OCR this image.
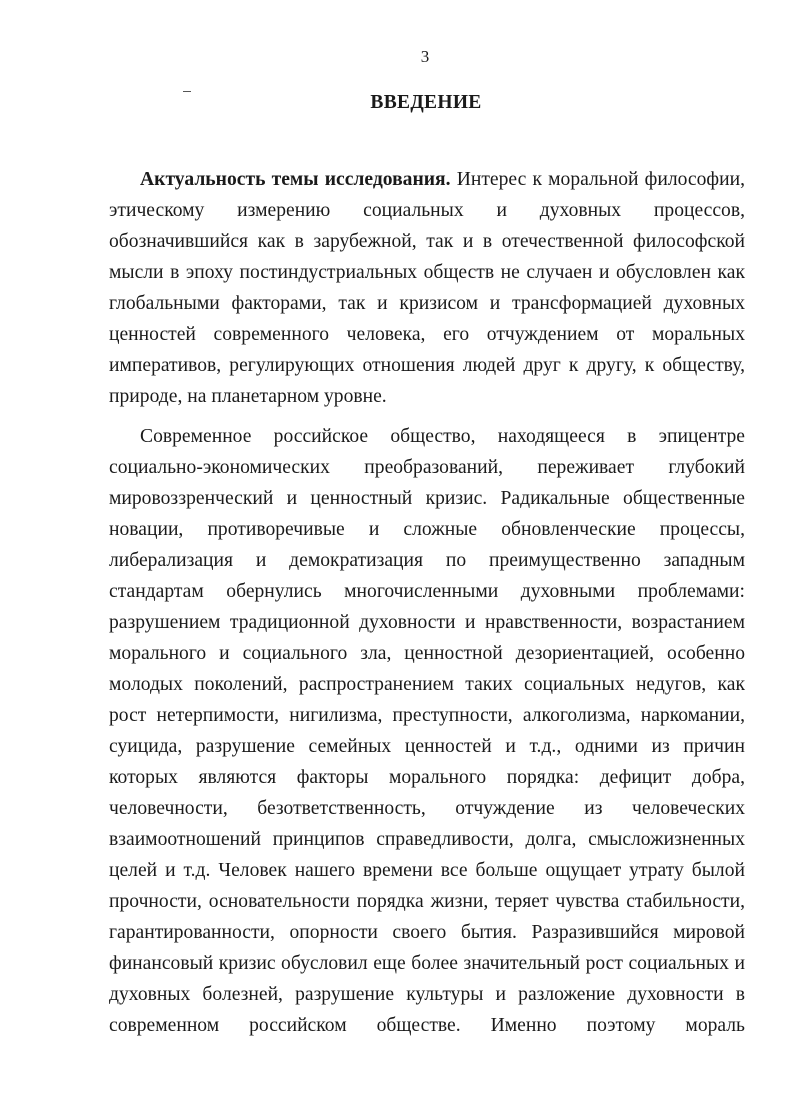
3
ВВЕДЕНИЕ

Актуальность темы исследования. Интерес к моральной философии, этическому измерению социальных и духовных процессов, обозначившийся как в зарубежной, так и в отечественной философской мысли в эпоху постиндустриальных обществ не случаен и обусловлен как глобальными факторами, так и кризисом и трансформацией духовных ценностей современного человека, его отчуждением от моральных императивов, регулирующих отношения людей друг к другу, к обществу, природе, на планетарном уровне.

Современное российское общество, находящееся в эпицентре социально-экономических преобразований, переживает глубокий мировоззренческий и ценностный кризис. Радикальные общественные новации, противоречивые и сложные обновленческие процессы, либерализация и демократизация по преимущественно западным стандартам обернулись многочисленными духовными проблемами: разрушением традиционной духовности и нравственности, возрастанием морального и социального зла, ценностной дезориентацией, особенно молодых поколений, распространением таких социальных недугов, как рост нетерпимости, нигилизма, преступности, алкоголизма, наркомании, суицида, разрушение семейных ценностей и т.д., одними из причин которых являются факторы морального порядка: дефицит добра, человечности, безответственность, отчуждение из человеческих взаимоотношений принципов справедливости, долга, смысложизненных целей и т.д. Человек нашего времени все больше ощущает утрату былой прочности, основательности порядка жизни, теряет чувства стабильности, гарантированности, опорности своего бытия. Разразившийся мировой финансовый кризис обусловил еще более значительный рост социальных и духовных болезней, разрушение культуры и разложение духовности в современном российском обществе. Именно поэтому мораль
